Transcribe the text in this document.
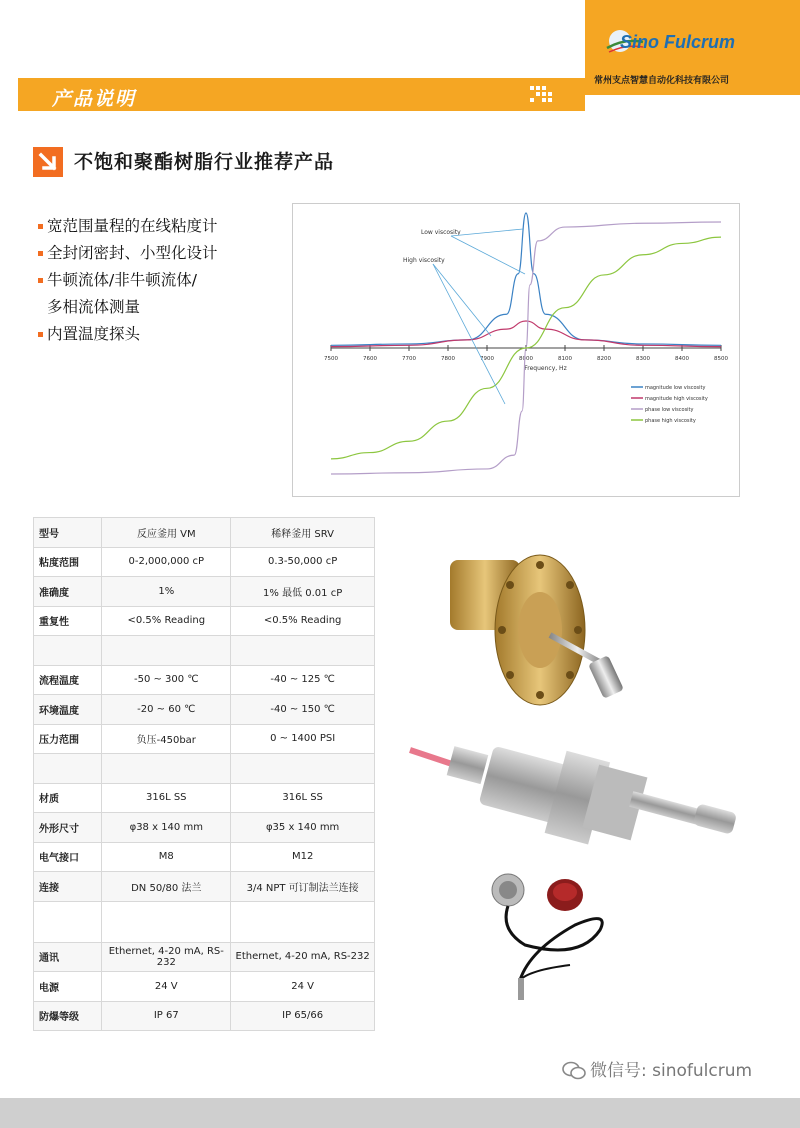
Sino Fulcrum
常州支点智慧自动化科技有限公司
产品说明
不饱和聚酯树脂行业推荐产品
宽范围量程的在线粘度计
全封闭密封、小型化设计
牛顿流体/非牛顿流体/
多相流体测量
内置温度探头
7500	7600	7700	7800	7900	8000	8100	8200	8300	8400	8500
Frequency, Hz
Low viscosity
High viscosity
magnitude low viscosity
magnitude high viscosity
phase low viscosity
phase high viscosity
型号	反应釜用 VM	稀释釜用 SRV
粘度范围	0-2,000,000 cP	0.3-50,000 cP
准确度	1%	1% 最低 0.01 cP
重复性	<0.5% Reading	<0.5% Reading

流程温度	-50 ~ 300 ℃	-40 ~ 125 ℃
环境温度	-20 ~ 60 ℃	-40 ~ 150 ℃
压力范围	负压-450bar	0 ~ 1400 PSI

材质	316L SS	316L SS
外形尺寸	φ38 x 140 mm	φ35 x 140 mm
电气接口	M8	M12
连接	DN 50/80 法兰	3/4 NPT 可订制法兰连接

通讯	Ethernet, 4-20 mA, RS-232	Ethernet, 4-20 mA, RS-232
电源	24 V	24 V
防爆等级	IP 67	IP 65/66
微信号: sinofulcrum
